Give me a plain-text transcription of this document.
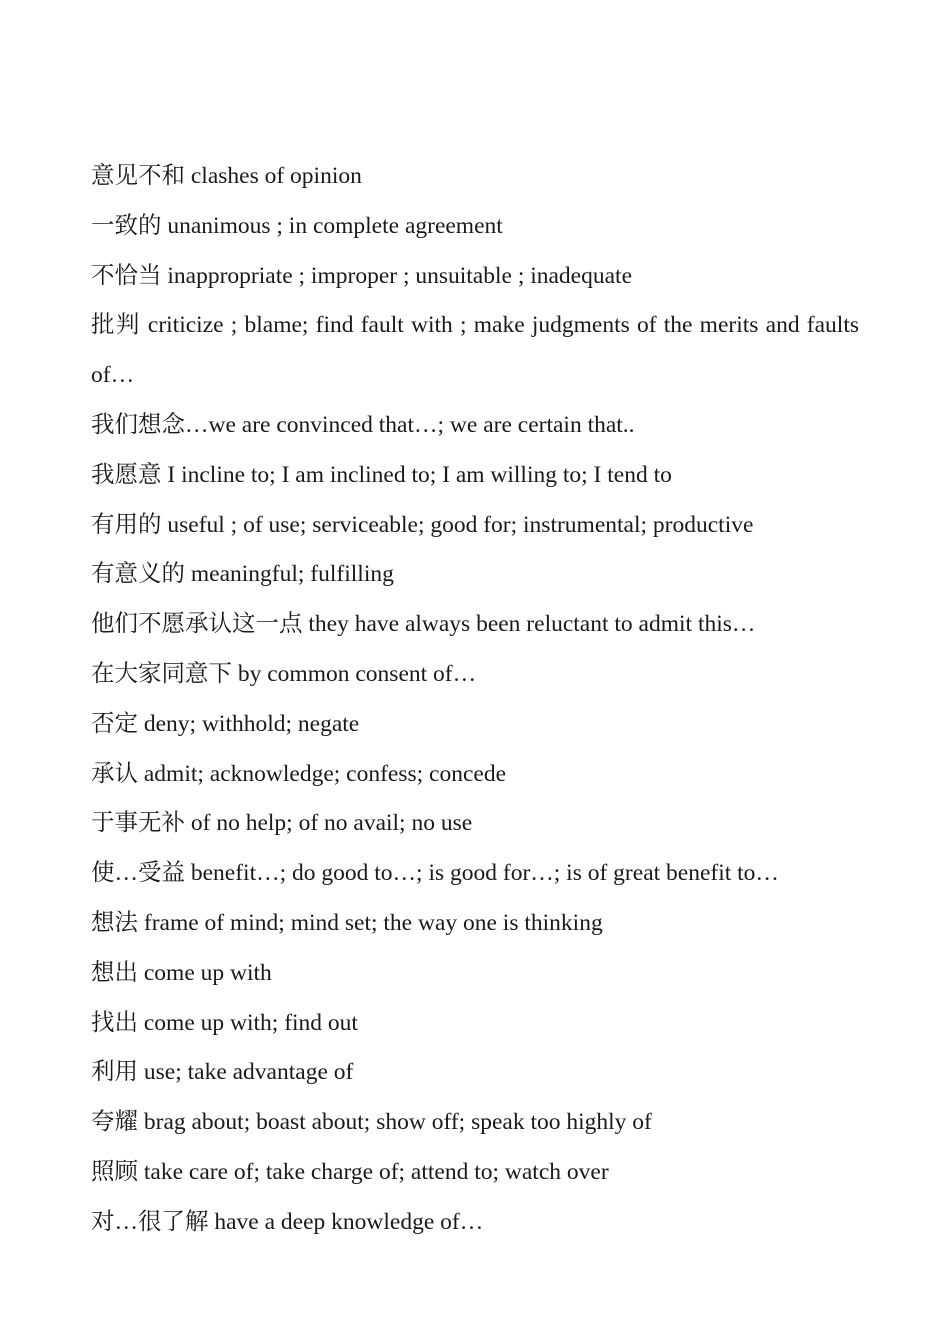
意见不和 clashes of opinion

一致的 unanimous ; in complete agreement

不恰当 inappropriate ; improper ; unsuitable ; inadequate

批判 criticize ; blame; find fault with ; make judgments of the merits and faults of…

我们想念…we are convinced that…; we are certain that..

我愿意 I incline to; I am inclined to; I am willing to; I tend to

有用的 useful ; of use; serviceable; good for; instrumental; productive

有意义的 meaningful; fulfilling

他们不愿承认这一点 they have always been reluctant to admit this…

在大家同意下 by common consent of…

否定 deny; withhold; negate

承认 admit; acknowledge; confess; concede

于事无补 of no help; of no avail; no use

使…受益 benefit…; do good to…; is good for…; is of great benefit to…

想法 frame of mind; mind set; the way one is thinking

想出 come up with

找出 come up with; find out

利用 use; take advantage of

夸耀 brag about; boast about; show off; speak too highly of

照顾 take care of; take charge of; attend to; watch over

对…很了解 have a deep knowledge of…
